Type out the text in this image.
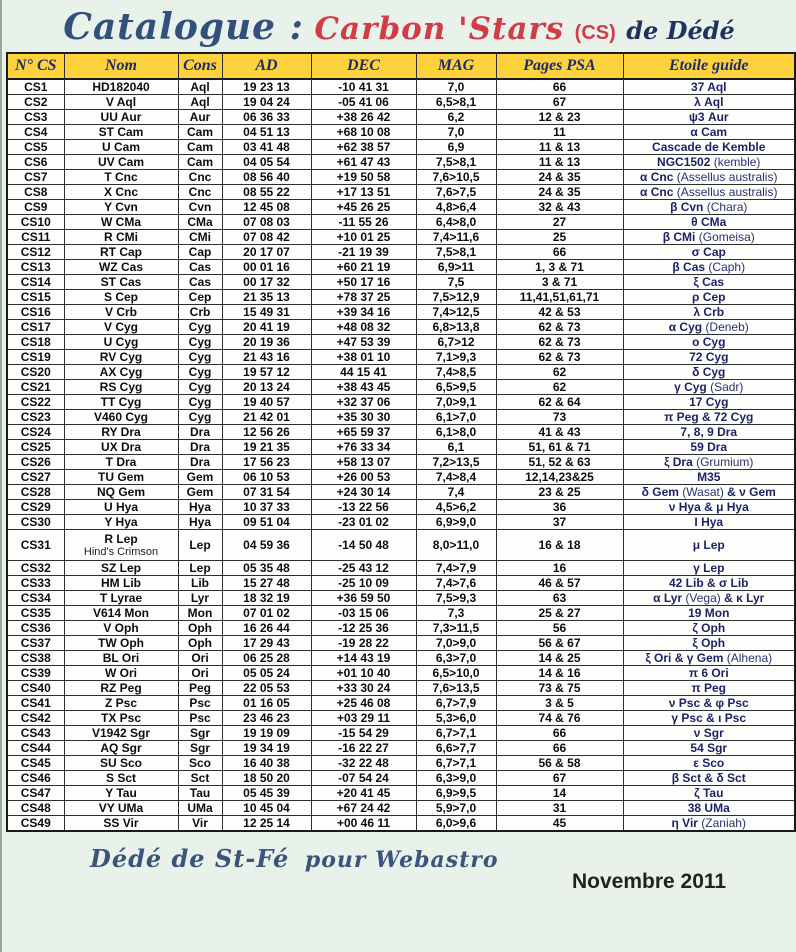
Catalogue : Carbon 'Stars (CS) de Dédé
N° CS	Nom	Cons	AD	DEC	MAG	Pages PSA	Etoile guide
CS1	HD182040	Aql	19 23 13	-10 41 31	7,0	66	37 Aql
CS2	V Aql	Aql	19 04 24	-05 41 06	6,5>8,1	67	λ Aql
CS3	UU Aur	Aur	06 36 33	+38 26 42	6,2	12 & 23	ψ3 Aur
CS4	ST Cam	Cam	04 51 13	+68 10 08	7,0	11	α Cam
CS5	U Cam	Cam	03 41 48	+62 38 57	6,9	11 & 13	Cascade de Kemble
CS6	UV Cam	Cam	04 05 54	+61 47 43	7,5>8,1	11 & 13	NGC1502 (kemble)
CS7	T Cnc	Cnc	08 56 40	+19 50 58	7,6>10,5	24 & 35	α Cnc (Assellus australis)
CS8	X Cnc	Cnc	08 55 22	+17 13 51	7,6>7,5	24 & 35	α Cnc (Assellus australis)
CS9	Y Cvn	Cvn	12 45 08	+45 26 25	4,8>6,4	32 & 43	β Cvn (Chara)
CS10	W CMa	CMa	07 08 03	-11 55 26	6,4>8,0	27	θ CMa
CS11	R CMi	CMi	07 08 42	+10 01 25	7,4>11,6	25	β CMi (Gomeisa)
CS12	RT Cap	Cap	20 17 07	-21 19 39	7,5>8,1	66	σ Cap
CS13	WZ Cas	Cas	00 01 16	+60 21 19	6,9>11	1, 3 & 71	β Cas (Caph)
CS14	ST Cas	Cas	00 17 32	+50 17 16	7,5	3 & 71	ξ Cas
CS15	S Cep	Cep	21 35 13	+78 37 25	7,5>12,9	11,41,51,61,71	ρ Cep
CS16	V Crb	Crb	15 49 31	+39 34 16	7,4>12,5	42 & 53	λ Crb
CS17	V Cyg	Cyg	20 41 19	+48 08 32	6,8>13,8	62 & 73	α Cyg (Deneb)
CS18	U Cyg	Cyg	20 19 36	+47 53 39	6,7>12	62 & 73	o Cyg
CS19	RV Cyg	Cyg	21 43 16	+38 01 10	7,1>9,3	62 & 73	72 Cyg
CS20	AX Cyg	Cyg	19 57 12	44 15 41	7,4>8,5	62	δ Cyg
CS21	RS Cyg	Cyg	20 13 24	+38 43 45	6,5>9,5	62	γ Cyg (Sadr)
CS22	TT Cyg	Cyg	19 40 57	+32 37 06	7,0>9,1	62 & 64	17 Cyg
CS23	V460 Cyg	Cyg	21 42 01	+35 30 30	6,1>7,0	73	π Peg & 72 Cyg
CS24	RY Dra	Dra	12 56 26	+65 59 37	6,1>8,0	41 & 43	7, 8, 9 Dra
CS25	UX Dra	Dra	19 21 35	+76 33 34	6,1	51, 61 & 71	59 Dra
CS26	T Dra	Dra	17 56 23	+58 13 07	7,2>13,5	51, 52 & 63	ξ Dra (Grumium)
CS27	TU Gem	Gem	06 10 53	+26 00 53	7,4>8,4	12,14,23&25	M35
CS28	NQ Gem	Gem	07 31 54	+24 30 14	7,4	23 & 25	δ Gem (Wasat) & ν Gem
CS29	U Hya	Hya	10 37 33	-13 22 56	4,5>6,2	36	ν Hya & μ Hya
CS30	Y Hya	Hya	09 51 04	-23 01 02	6,9>9,0	37	I Hya
CS31	R Lep
Hind's Crimson	Lep	04 59 36	-14 50 48	8,0>11,0	16 & 18	μ Lep
CS32	SZ Lep	Lep	05 35 48	-25 43 12	7,4>7,9	16	γ Lep
CS33	HM Lib	Lib	15 27 48	-25 10 09	7,4>7,6	46 & 57	42 Lib & σ Lib
CS34	T Lyrae	Lyr	18 32 19	+36 59 50	7,5>9,3	63	α Lyr (Vega) & κ Lyr
CS35	V614 Mon	Mon	07 01 02	-03 15 06	7,3	25 & 27	19 Mon
CS36	V Oph	Oph	16 26 44	-12 25 36	7,3>11,5	56	ζ Oph
CS37	TW Oph	Oph	17 29 43	-19 28 22	7,0>9,0	56 & 67	ξ Oph
CS38	BL Ori	Ori	06 25 28	+14 43 19	6,3>7,0	14 & 25	ξ Ori & γ Gem (Alhena)
CS39	W Ori	Ori	05 05 24	+01 10 40	6,5>10,0	14 & 16	π 6 Ori
CS40	RZ Peg	Peg	22 05 53	+33 30 24	7,6>13,5	73 & 75	π Peg
CS41	Z Psc	Psc	01 16 05	+25 46 08	6,7>7,9	3 & 5	ν Psc & φ Psc
CS42	TX Psc	Psc	23 46 23	+03 29 11	5,3>6,0	74 & 76	γ Psc & ι Psc
CS43	V1942 Sgr	Sgr	19 19 09	-15 54 29	6,7>7,1	66	ν Sgr
CS44	AQ Sgr	Sgr	19 34 19	-16 22 27	6,6>7,7	66	54 Sgr
CS45	SU Sco	Sco	16 40 38	-32 22 48	6,7>7,1	56 & 58	ε Sco
CS46	S Sct	Sct	18 50 20	-07 54 24	6,3>9,0	67	β Sct & δ Sct
CS47	Y Tau	Tau	05 45 39	+20 41 45	6,9>9,5	14	ζ Tau
CS48	VY UMa	UMa	10 45 04	+67 24 42	5,9>7,0	31	38 UMa
CS49	SS Vir	Vir	12 25 14	+00 46 11	6,0>9,6	45	η Vir (Zaniah)
Dédé de St-Fé pour Webastro
Novembre 2011
